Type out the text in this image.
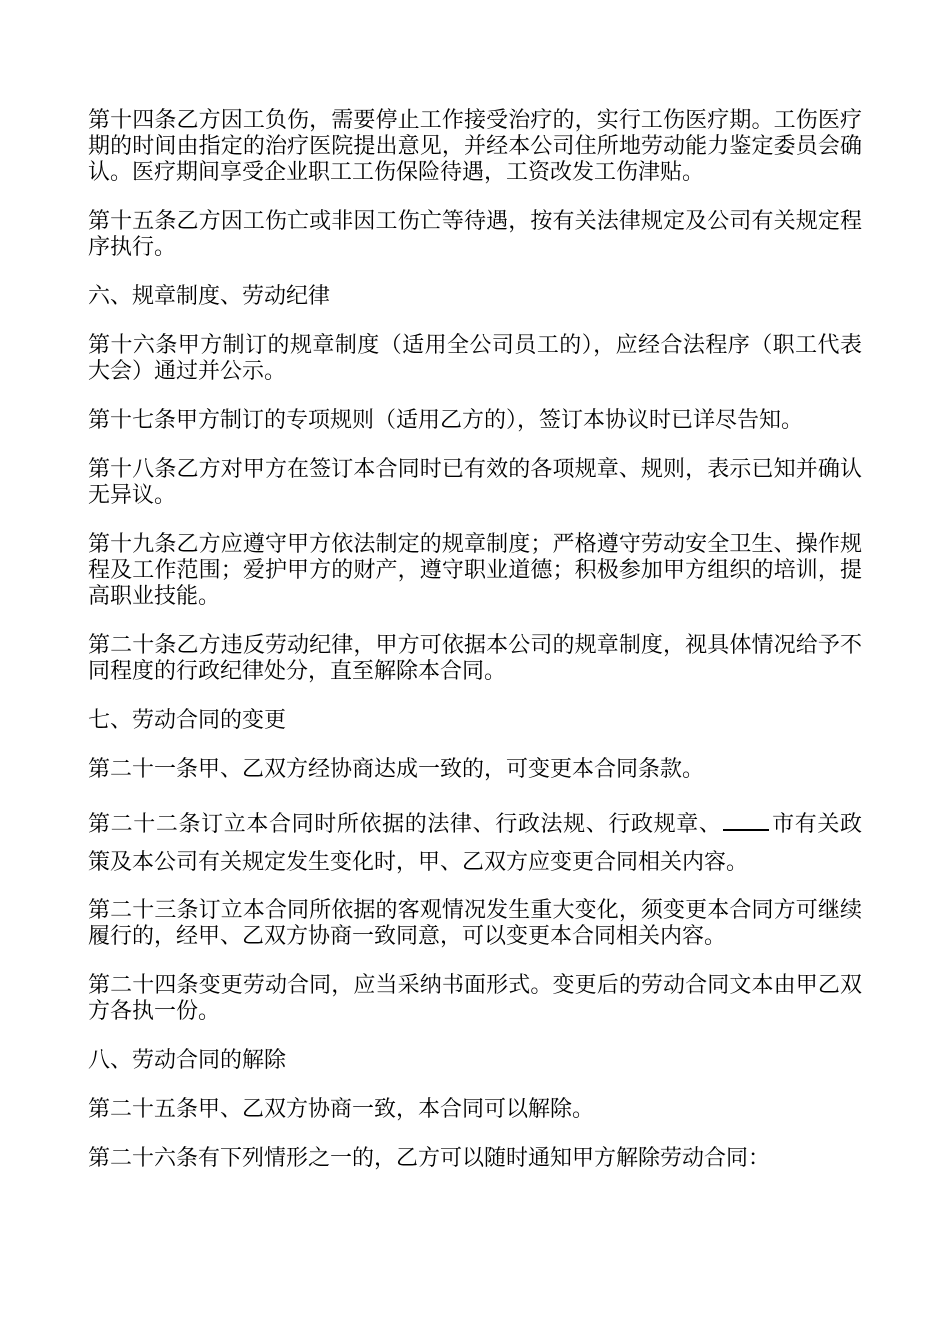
第十四条乙方因工负伤，需要停止工作接受治疗的，实行工伤医疗期。工伤医疗期的时间由指定的治疗医院提出意见，并经本公司住所地劳动能力鉴定委员会确认。医疗期间享受企业职工工伤保险待遇，工资改发工伤津贴。

第十五条乙方因工伤亡或非因工伤亡等待遇，按有关法律规定及公司有关规定程序执行。

六、规章制度、劳动纪律

第十六条甲方制订的规章制度（适用全公司员工的），应经合法程序（职工代表大会）通过并公示。

第十七条甲方制订的专项规则（适用乙方的），签订本协议时已详尽告知。

第十八条乙方对甲方在签订本合同时已有效的各项规章、规则，表示已知并确认无异议。

第十九条乙方应遵守甲方依法制定的规章制度；严格遵守劳动安全卫生、操作规程及工作范围；爱护甲方的财产，遵守职业道德；积极参加甲方组织的培训，提高职业技能。

第二十条乙方违反劳动纪律，甲方可依据本公司的规章制度，视具体情况给予不同程度的行政纪律处分，直至解除本合同。

七、劳动合同的变更

第二十一条甲、乙双方经协商达成一致的，可变更本合同条款。

第二十二条订立本合同时所依据的法律、行政法规、行政规章、 市有关政策及本公司有关规定发生变化时，甲、乙双方应变更合同相关内容。

第二十三条订立本合同所依据的客观情况发生重大变化，须变更本合同方可继续履行的，经甲、乙双方协商一致同意，可以变更本合同相关内容。

第二十四条变更劳动合同，应当采纳书面形式。变更后的劳动合同文本由甲乙双方各执一份。

八、劳动合同的解除

第二十五条甲、乙双方协商一致，本合同可以解除。

第二十六条有下列情形之一的，乙方可以随时通知甲方解除劳动合同：
